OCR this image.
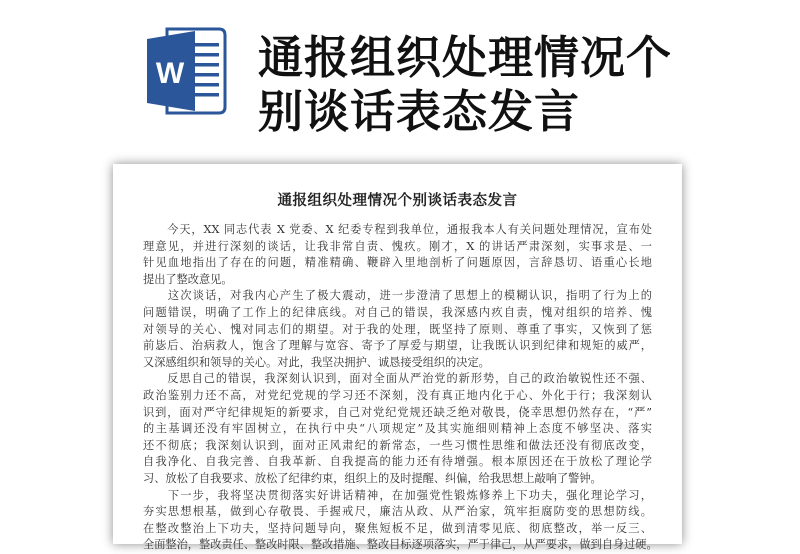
W 通报组织处理情况个
别谈话表态发言
通报组织处理情况个别谈话表态发言
　　今天，XX 同志代表 X 党委、X 纪委专程到我单位，通报我本人有关问题处理情况，宣布处
理意见，并进行深刻的谈话，让我非常自责、愧疚。刚才，X 的讲话严肃深刻，实事求是、一
针见血地指出了存在的问题，精准精确、鞭辟入里地剖析了问题原因，言辞恳切、语重心长地
提出了整改意见。
　　这次谈话，对我内心产生了极大震动，进一步澄清了思想上的模糊认识，指明了行为上的
问题错误，明确了工作上的纪律底线。对自己的错误，我深感内疚自责，愧对组织的培养、愧
对领导的关心、愧对同志们的期望。对于我的处理，既坚持了原则、尊重了事实，又恢到了惩
前毖后、治病救人，饱含了理解与宽容、寄予了厚爱与期望，让我既认识到纪律和规矩的威严，
又深感组织和领导的关心。对此，我坚决拥护、诚恳接受组织的决定。
　　反思自己的错误，我深刻认识到，面对全面从严治党的新形势，自己的政治敏锐性还不强、
政治鉴别力还不高，对党纪党规的学习还不深刻，没有真正地内化于心、外化于行；我深刻认
识到，面对严守纪律规矩的新要求，自己对党纪党规还缺乏绝对敬畏，侥幸思想仍然存在，“严”
的主基调还没有牢固树立，在执行中央“八项规定”及其实施细则精神上态度不够坚决、落实
还不彻底；我深刻认识到，面对正风肃纪的新常态，一些习惯性思维和做法还没有彻底改变，
自我净化、自我完善、自我革新、自我提高的能力还有待增强。根本原因还在于放松了理论学
习、放松了自我要求、放松了纪律约束，组织上的及时提醒、纠偏，给我思想上敲响了警钟。
　　下一步，我将坚决贯彻落实好讲话精神，在加强党性锻炼修养上下功夫，强化理论学习，
夯实思想根基，做到心存敬畏、手握戒尺，廉洁从政、从严治家，筑牢拒腐防变的思想防线。
在整改整治上下功夫，坚持问题导向，聚焦短板不足，做到清零见底、彻底整改，举一反三、
全面整治，整改责任、整改时限、整改措施、整改目标逐项落实，严于律己，从严要求，做到自身过硬。
